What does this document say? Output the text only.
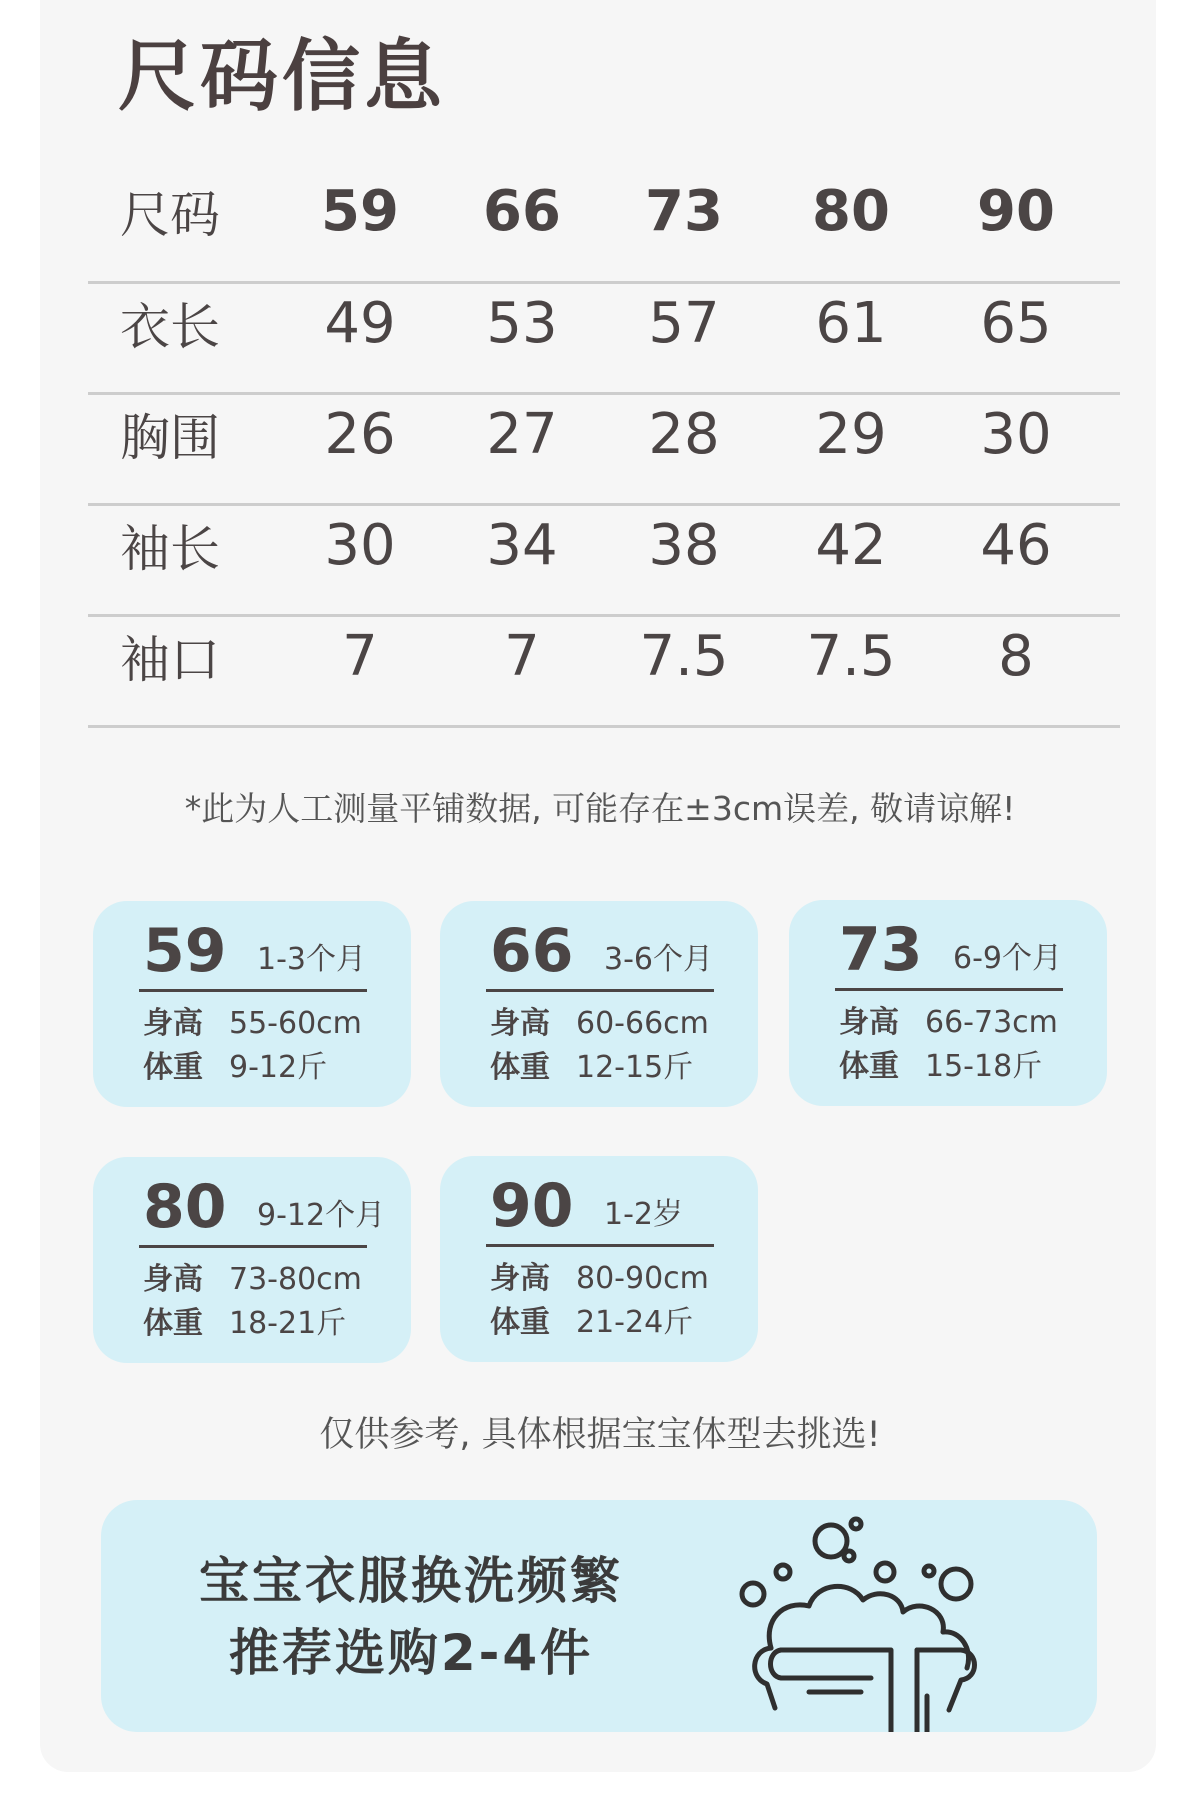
尺码信息
尺码	59	66	73	80	90
衣长	49	53	57	61	65
胸围	26	27	28	29	30
袖长	30	34	38	42	46
袖口	7	7	7.5	7.5	8
*此为人工测量平铺数据, 可能存在±3cm误差, 敬请谅解!
59 1-3个月
身高 55-60cm
体重 9-12斤
66 3-6个月
身高 60-66cm
体重 12-15斤
73 6-9个月
身高 66-73cm
体重 15-18斤
80 9-12个月
身高 73-80cm
体重 18-21斤
90 1-2岁
身高 80-90cm
体重 21-24斤
仅供参考, 具体根据宝宝体型去挑选!
宝宝衣服换洗频繁
推荐选购2-4件
